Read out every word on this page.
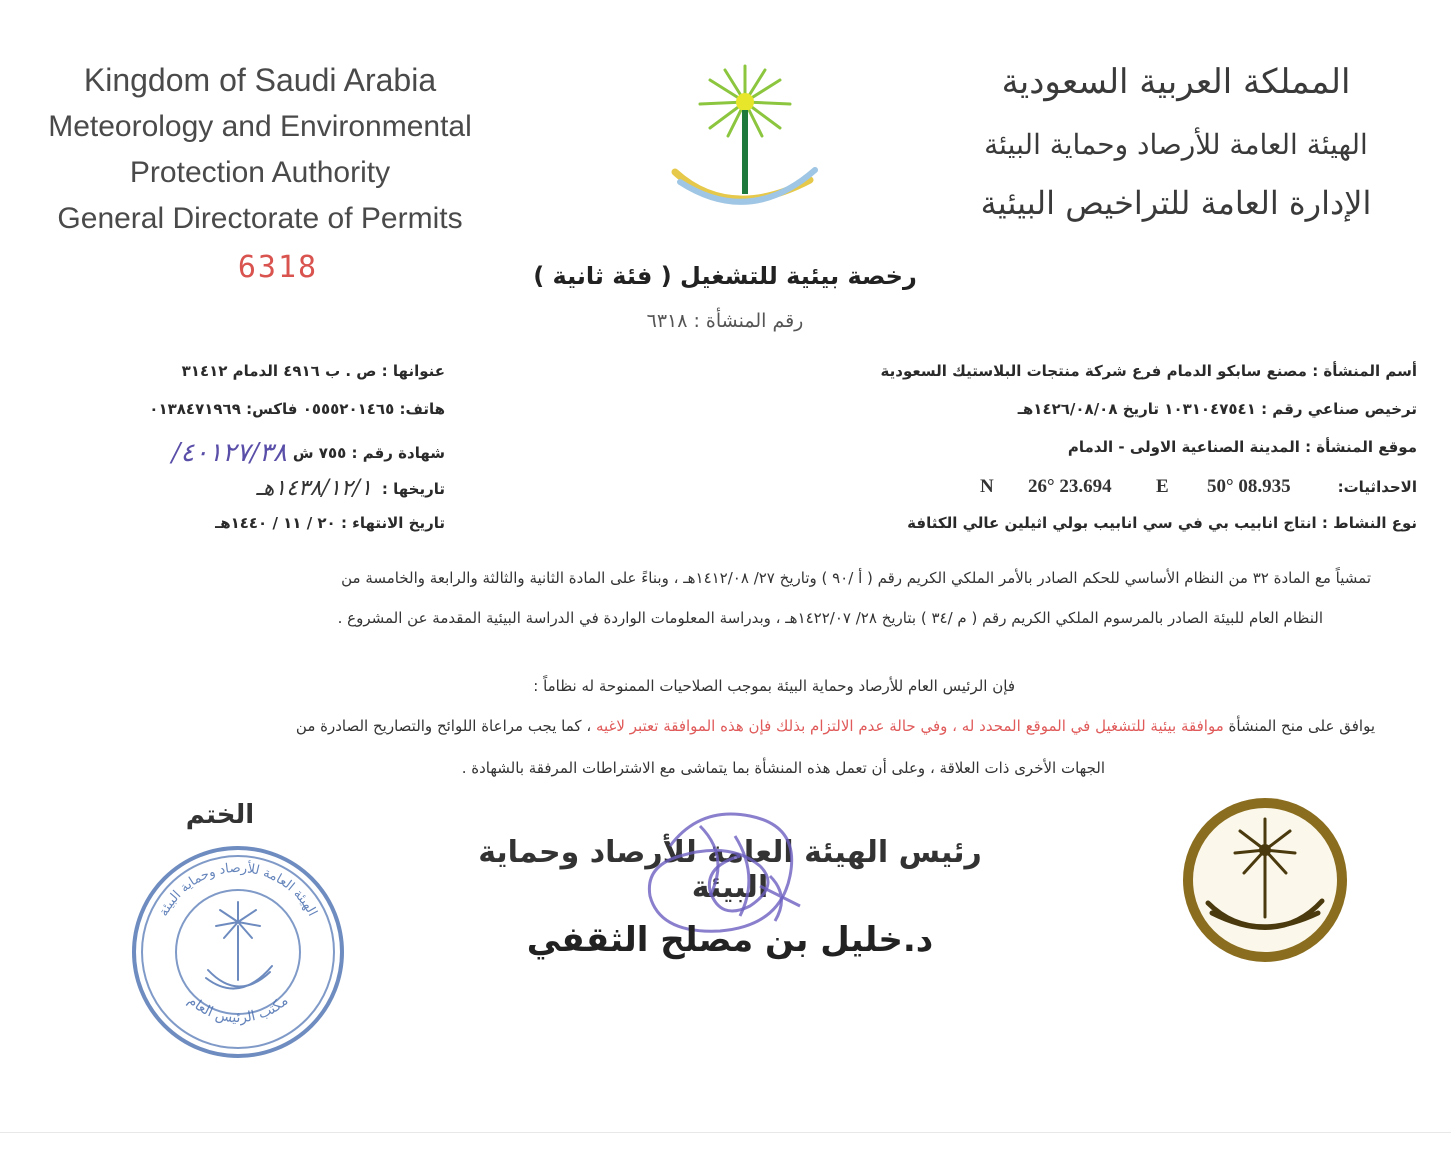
Kingdom of Saudi Arabia
Meteorology and Environmental
Protection Authority
General Directorate of Permits
6318
المملكة العربية السعودية
الهيئة العامة للأرصاد وحماية البيئة
الإدارة العامة للتراخيص البيئية
رخصة بيئية للتشغيل ( فئة ثانية )
رقم المنشأة : ٦٣١٨
أسم المنشأة : مصنع سابكو الدمام فرع شركة منتجات البلاستيك السعودية
ترخيص صناعي رقم : ١٠٣١٠٤٧٥٤١ تاريخ ١٤٢٦/٠٨/٠٨هـ
موقع المنشأة : المدينة الصناعية الاولى - الدمام
الاحداثيات:
50° 08.935
E
26° 23.694
N
نوع النشاط : انتاج انابيب بي في سي انابيب بولي اثيلين عالي الكثافة
عنوانها : ص . ب ٤٩١٦ الدمام ٣١٤١٢
هاتف: ٠٥٥٥٢٠١٤٦٥ فاكس: ٠١٣٨٤٧١٩٦٩
شهادة رقم : ٧٥٥ ش
٤٠١٢٧/٣٨/
تاريخها :
١٤٣٨/١٢/١هـ
تاريخ الانتهاء : ٢٠ / ١١ / ١٤٤٠هـ
تمشياً مع المادة ٣٢ من النظام الأساسي للحكم الصادر بالأمر الملكي الكريم رقم ( أ /٩٠ ) وتاريخ ٢٧/ ١٤١٢/٠٨هـ ، وبناءً على المادة الثانية والثالثة والرابعة والخامسة من
النظام العام للبيئة الصادر بالمرسوم الملكي الكريم رقم ( م /٣٤ ) بتاريخ ٢٨/ ١٤٢٢/٠٧هـ ، وبدراسة المعلومات الواردة في الدراسة البيئية المقدمة عن المشروع .
فإن الرئيس العام للأرصاد وحماية البيئة بموجب الصلاحيات الممنوحة له نظاماً :
يوافق على منح المنشأة موافقة بيئية للتشغيل في الموقع المحدد له ، وفي حالة عدم الالتزام بذلك فإن هذه الموافقة تعتبر لاغيه ، كما يجب مراعاة اللوائح والتصاريح الصادرة من
الجهات الأخرى ذات العلاقة ، وعلى أن تعمل هذه المنشأة بما يتماشى مع الاشتراطات المرفقة بالشهادة .
الختم
الهيئة العامة للأرصاد وحماية البيئة
مكتب الرئيس العام
رئيس الهيئة العامة للأرصاد وحماية البيئة
د.خليل بن مصلح الثقفي
